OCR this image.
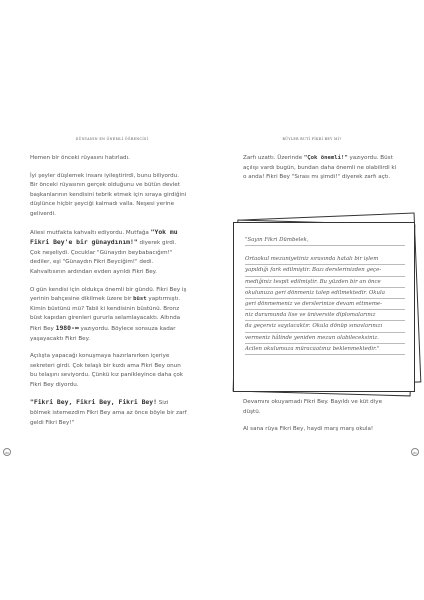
DÜNYANIN EN ÖNEMLİ ÖĞRENCİSİ

Hemen bir önceki rüyasını hatırladı.

İyi şeyler düşlemek insanı iyileştirirdi, bunu biliyordu. Bir önceki rüyasının gerçek olduğunu ve bütün devlet başkanlarının kendisini tebrik etmek için sıraya girdiğini düşlünce hiçbir şeyciği kalmadı valla. Neşesi yerine geliverdi.

Ailesi mutfakta kahvaltı ediyordu. Mutfağa "Yok mu Fikri Bey'e bir günaydınım!" diyerek girdi. Çok neşeliydi. Çocuklar "Günaydın beybabacığım!" dediler, eşi "Günaydın Fikri Beyciğim!" dedi. Kahvaltısının ardından evden ayrıldı Fikri Bey.

O gün kendisi için oldukça önemli bir gündü. Fikri Bey iş yerinin bahçesine dikilmek üzere bir büst yaptırmıştı. Kimin büstünü mü? Tabii ki kendisinin büstünü. Bronz büst kapıdan girenleri gururla selamlayacaktı. Altında Fikri Bey 1980-∞ yazıyordu. Böylece sonsuza kadar yaşayacaktı Fikri Bey.

Açılışta yapacağı konuşmaya hazırlanırken içeriye sekreteri girdi. Çok telaşlı bir kızdı ama Fikri Bey onun bu telaşını seviyordu. Çünkü kız panikleyince daha çok Fikri Bey diyordu.

"Fikri Bey, Fikri Bey, Fikri Bey! Sizi bölmek istemezdim Fikri Bey ama az önce böyle bir zarf geldi Fikri Bey!"

80
BÜYLER BUTİ FİKRİ BEY Mİ?

Zarfı uzattı. Üzerinde "Çok önemli!" yazıyordu. Büst açılışı vardı bugün, bundan daha önemli ne olabilirdi ki o anda! Fikri Bey "Sırası mı şimdi!" diyerek zarfı açtı.

"Sayın Fikri Dümbelek,
Ortaokul mezuniyetiniz sırasında hatalı bir işlem
yapıldığı fark edilmiştir. Bazı derslerinizden geçe-
mediğiniz tespit edilmiştir. Bu yüzden bir an önce
okulunuza geri dönmeniz talep edilmektedir. Okula
geri dönmemeniz ve derslerinize devam ettmeme-
niz durumunda lise ve üniversite diplomalarınız
da geçersiz sayılacaktır. Okula dönüp sınavlarınızı
vermeniz hâlinde yeniden mezun olabileceksiniz.
Acilen okulumuza müracaatınız beklenmektedir."

Devamını okuyamadı Fikri Bey. Bayıldı ve küt diye düştü.

Al sana rüya Fikri Bey, haydi marş marş okula!

81
